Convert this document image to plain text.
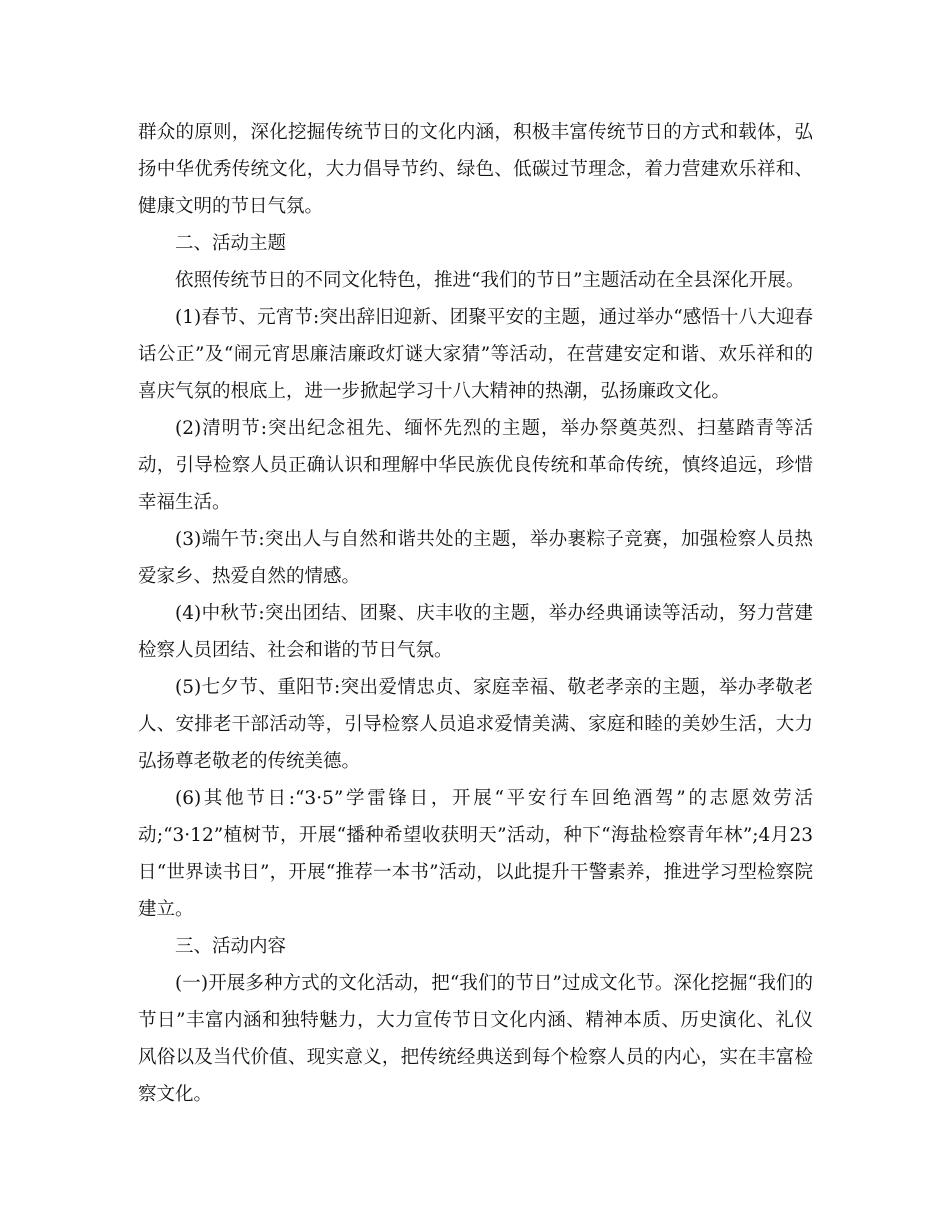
群众的原则，深化挖掘传统节日的文化内涵，积极丰富传统节日的方式和载体，弘扬中华优秀传统文化，大力倡导节约、绿色、低碳过节理念，着力营建欢乐祥和、健康文明的节日气氛。

二、活动主题

依照传统节日的不同文化特色，推进“我们的节日”主题活动在全县深化开展。

(1)春节、元宵节:突出辞旧迎新、团聚平安的主题，通过举办“感悟十八大迎春话公正”及“闹元宵思廉洁廉政灯谜大家猜”等活动，在营建安定和谐、欢乐祥和的喜庆气氛的根底上，进一步掀起学习十八大精神的热潮，弘扬廉政文化。

(2)清明节:突出纪念祖先、缅怀先烈的主题，举办祭奠英烈、扫墓踏青等活动，引导检察人员正确认识和理解中华民族优良传统和革命传统，慎终追远，珍惜幸福生活。

(3)端午节:突出人与自然和谐共处的主题，举办裹粽子竞赛，加强检察人员热爱家乡、热爱自然的情感。

(4)中秋节:突出团结、团聚、庆丰收的主题，举办经典诵读等活动，努力营建检察人员团结、社会和谐的节日气氛。

(5)七夕节、重阳节:突出爱情忠贞、家庭幸福、敬老孝亲的主题，举办孝敬老人、安排老干部活动等，引导检察人员追求爱情美满、家庭和睦的美妙生活，大力弘扬尊老敬老的传统美德。

(6)其他节日:“3·5”学雷锋日，开展“平安行车回绝酒驾”的志愿效劳活动;“3·12”植树节，开展“播种希望收获明天”活动，种下“海盐检察青年林”;4月23日“世界读书日”，开展“推荐一本书”活动，以此提升干警素养，推进学习型检察院建立。

三、活动内容

(一)开展多种方式的文化活动，把“我们的节日”过成文化节。深化挖掘“我们的节日”丰富内涵和独特魅力，大力宣传节日文化内涵、精神本质、历史演化、礼仪风俗以及当代价值、现实意义，把传统经典送到每个检察人员的内心，实在丰富检察文化。
